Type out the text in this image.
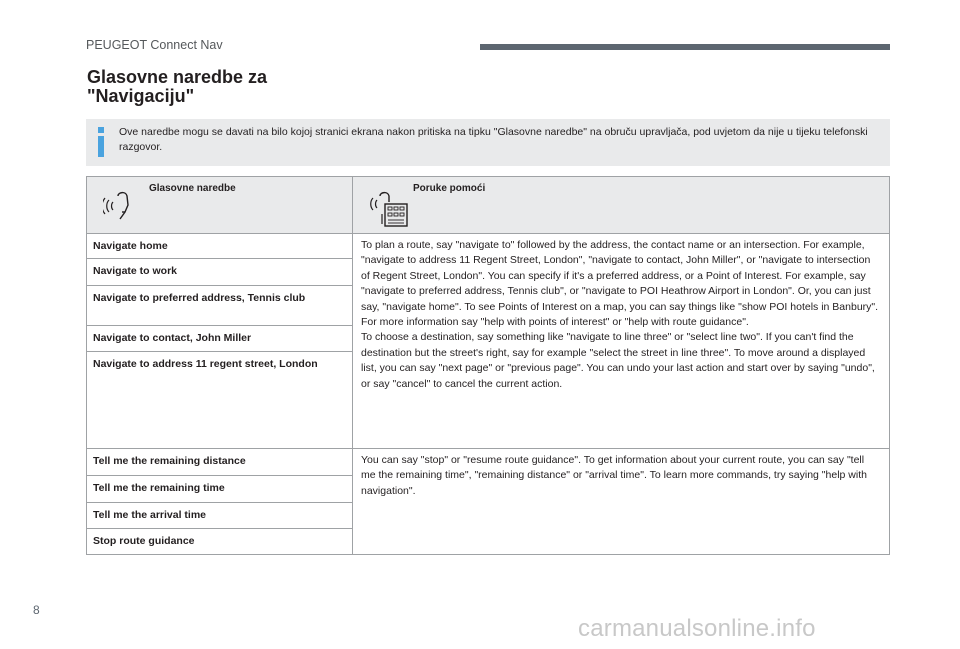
PEUGEOT Connect Nav
Glasovne naredbe za
"Navigaciju"
Ove naredbe mogu se davati na bilo kojoj stranici ekrana nakon pritiska na tipku "Glasovne naredbe" na obruču upravljača, pod uvjetom da nije u tijeku telefonski razgovor.
Glasovne naredbe	Poruke pomoći

Navigate home	To plan a route, say "navigate to" followed by the address, the contact name or an intersection. For example, "navigate to address 11 Regent Street, London", "navigate to contact, John Miller", or "navigate to intersection of Regent Street, London". You can specify if it's a preferred address, or a Point of Interest. For example, say "navigate to preferred address, Tennis club", or "navigate to POI Heathrow Airport in London". Or, you can just say, "navigate home". To see Points of Interest on a map, you can say things like "show POI hotels in Banbury". For more information say "help with points of interest" or "help with route guidance".

To choose a destination, say something like "navigate to line three" or "select line two". If you can't find the destination but the street's right, say for example "select the street in line three". To move around a displayed list, you can say "next page" or "previous page". You can undo your last action and start over by saying "undo", or say "cancel" to cancel the current action.

Navigate to work	
Navigate to preferred address, Tennis club	
Navigate to contact, John Miller	
Navigate to address 11 regent street, London	
Tell me the remaining distance	You can say "stop" or "resume route guidance". To get information about your current route, you can say "tell me the remaining time", "remaining distance" or "arrival time". To learn more commands, try saying "help with navigation".

Tell me the remaining time	
Tell me the arrival time	
Stop route guidance	
8
carmanualsonline.info
